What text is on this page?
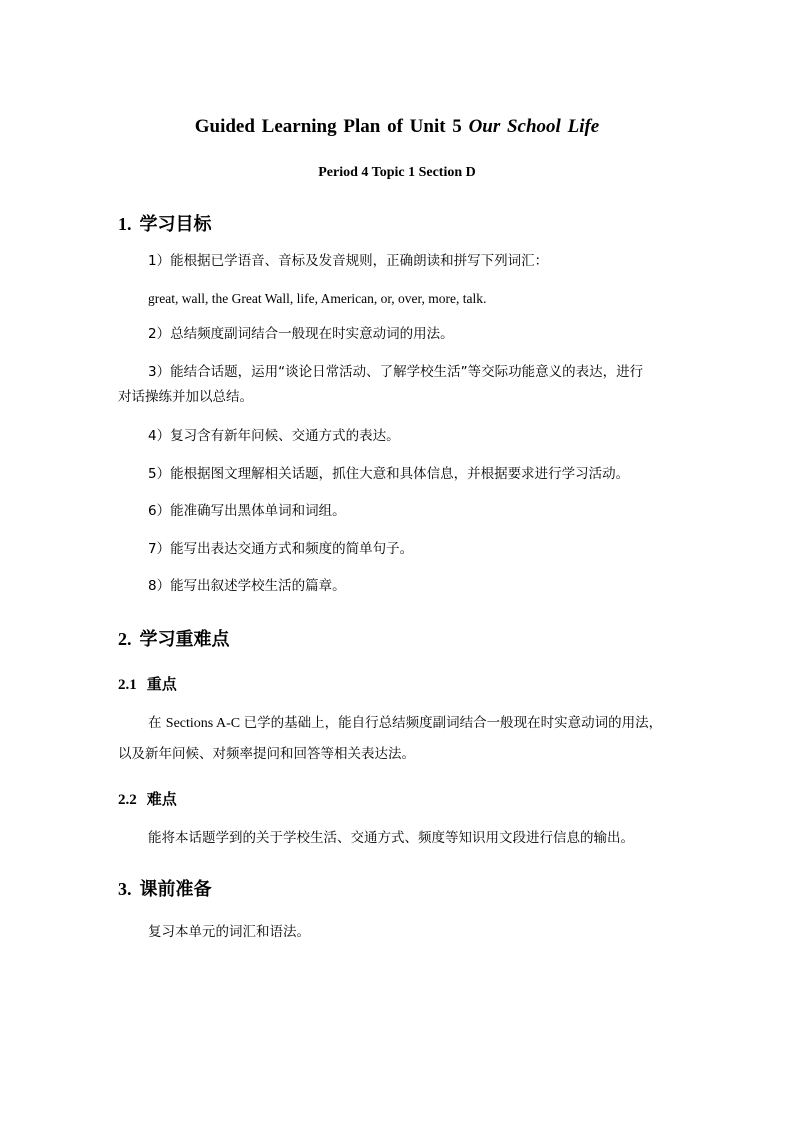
Guided Learning Plan of Unit 5 Our School Life
Period 4 Topic 1 Section D
1. 学习目标
1）能根据已学语音、音标及发音规则，正确朗读和拼写下列词汇：
great, wall, the Great Wall, life, American, or, over, more, talk.
2）总结频度副词结合一般现在时实意动词的用法。
3）能结合话题，运用“谈论日常活动、了解学校生活”等交际功能意义的表达，进行
对话操练并加以总结。
4）复习含有新年问候、交通方式的表达。
5）能根据图文理解相关话题，抓住大意和具体信息，并根据要求进行学习活动。
6）能准确写出黑体单词和词组。
7）能写出表达交通方式和频度的简单句子。
8）能写出叙述学校生活的篇章。
2. 学习重难点
2.1 重点
在 Sections A-C 已学的基础上，能自行总结频度副词结合一般现在时实意动词的用法，
以及新年问候、对频率提问和回答等相关表达法。
2.2 难点
能将本话题学到的关于学校生活、交通方式、频度等知识用文段进行信息的输出。
3. 课前准备
复习本单元的词汇和语法。
